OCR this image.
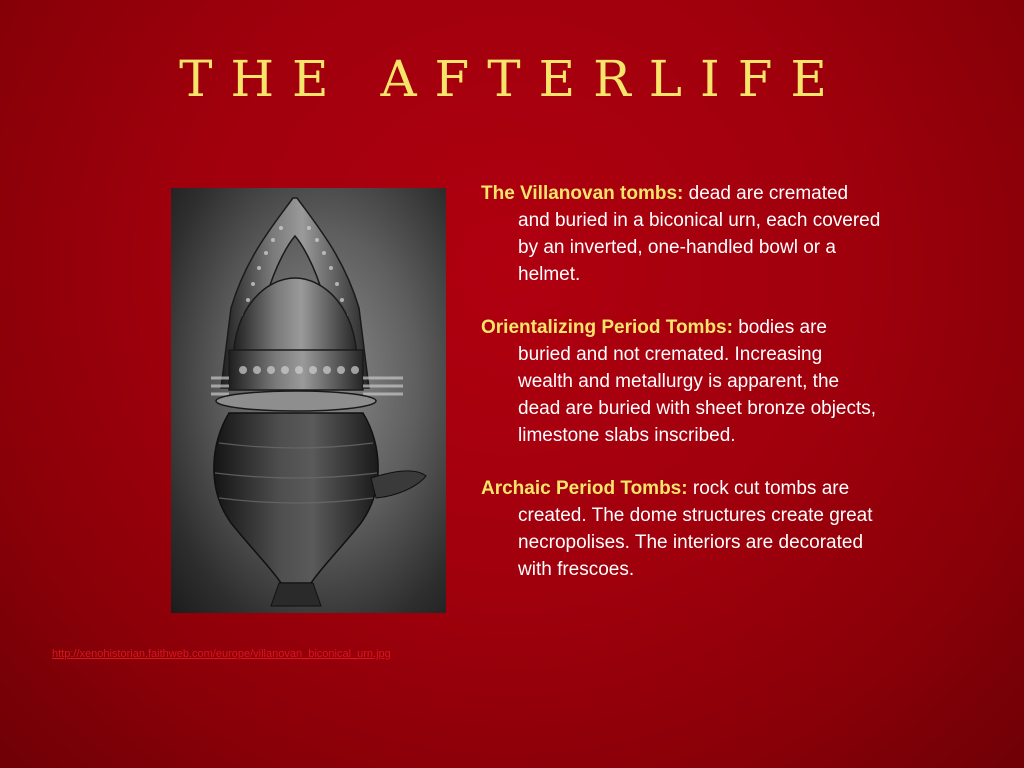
THE AFTERLIFE
http://xenohistorian.faithweb.com/europe/villanovan_biconical_urn.jpg

The Villanovan tombs: dead are cremated and buried in a biconical urn, each covered by an inverted, one-handled bowl or a helmet.

Orientalizing Period Tombs: bodies are buried and not cremated. Increasing wealth and metallurgy is apparent, the dead are buried with sheet bronze objects, limestone slabs inscribed.

Archaic Period Tombs: rock cut tombs are created. The dome structures create great necropolises. The interiors are decorated with frescoes.
